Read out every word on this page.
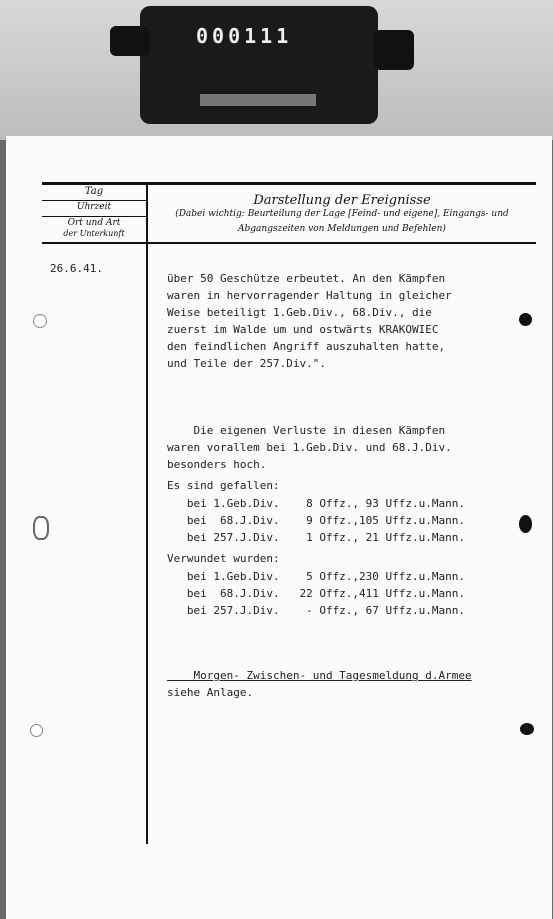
000111
Tag
Uhrzeit
Ort und Art
der Unterkunft
Darstellung der Ereignisse
(Dabei wichtig: Beurteilung der Lage [Feind- und eigene], Eingangs- und
Abgangszeiten von Meldungen und Befehlen)
26.6.41.
über 50 Geschütze erbeutet. An den Kämpfen
waren in hervorragender Haltung in gleicher
Weise beteiligt 1.Geb.Div., 68.Div., die
zuerst im Walde um und ostwärts KRAKOWIEC
den feindlichen Angriff auszuhalten hatte,
und Teile der 257.Div.".
Die eigenen Verluste in diesen Kämpfen
waren vorallem bei 1.Geb.Div. und 68.J.Div.
besonders hoch.
Es sind gefallen:
bei 1.Geb.Div.    8 Offz., 93 Uffz.u.Mann.
bei  68.J.Div.    9 Offz.,105 Uffz.u.Mann.
bei 257.J.Div.    1 Offz., 21 Uffz.u.Mann.
Verwundet wurden:
bei 1.Geb.Div.    5 Offz.,230 Uffz.u.Mann.
bei  68.J.Div.   22 Offz.,411 Uffz.u.Mann.
bei 257.J.Div.    - Offz., 67 Uffz.u.Mann.
Morgen- Zwischen- und Tagesmeldung d.Armee
siehe Anlage.
